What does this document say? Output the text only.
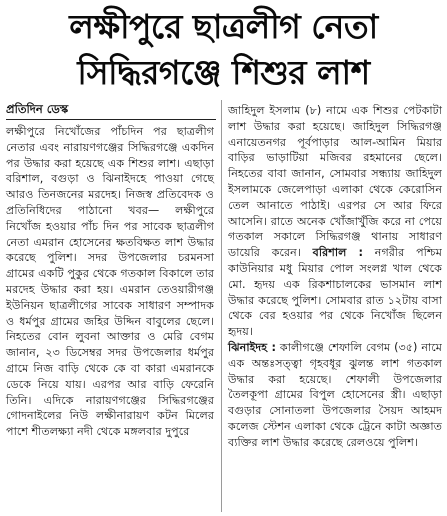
লক্ষীপুরে ছাত্রলীগ নেতা
সিদ্ধিরগঞ্জে শিশুর লাশ
প্রতিদিন ডেস্ক

লক্ষীপুরে নিখোঁজের পাঁচদিন পর ছাত্রলীগ নেতার এবং নারায়ণগঞ্জের সিদ্ধিরগঞ্জে একদিন পর উদ্ধার করা হয়েছে এক শিশুর লাশ। এছাড়া বরিশাল, বগুড়া ও ঝিনাইদহে পাওয়া গেছে আরও তিনজনের মরদেহ। নিজস্ব প্রতিবেদক ও প্রতিনিধিদের পাঠানো খবর— লক্ষীপুরে নিখোঁজ হওয়ার পাঁচ দিন পর সাবেক ছাত্রলীগ নেতা এমরান হোসেনের ক্ষতবিক্ষত লাশ উদ্ধার করেছে পুলিশ। সদর উপজেলার চরমনসা গ্রামের একটি পুকুর থেকে গতকাল বিকালে তার মরদেহ উদ্ধার করা হয়। এমরান তেওয়ারীগঞ্জ ইউনিয়ন ছাত্রলীগের সাবেক সাধারণ সম্পাদক ও ধর্মপুর গ্রামের জহির উদ্দিন বাবুলের ছেলে। নিহতের বোন লুবনা আক্তার ও মেরি বেগম জানান, ২৩ ডিসেম্বর সদর উপজেলার ধর্মপুর গ্রামে নিজ বাড়ি থেকে কে বা কারা এমরানকে ডেকে নিয়ে যায়। এরপর আর বাড়ি ফেরেনি তিনি। এদিকে নারায়ণগঞ্জের সিদ্ধিরগঞ্জের গোদনাইলের নিউ লক্ষীনারায়ণ কটন মিলের পাশে শীতলক্ষ্যা নদী থেকে মঙ্গলবার দুপুরে

জাহিদুল ইসলাম (৮) নামে এক শিশুর পেটকাটা লাশ উদ্ধার করা হয়েছে। জাহিদুল সিদ্ধিরগঞ্জ এনায়েতনগর পূর্বপাড়ার আল-আমিন মিয়ার বাড়ির ভাড়াটিয়া মজিবর রহমানের ছেলে। নিহতের বাবা জানান, সোমবার সন্ধ্যায় জাহিদুল ইসলামকে জেলেপাড়া এলাকা থেকে কেরোসিন তেল আনাতে পাঠাই। এরপর সে আর ফিরে আসেনি। রাতে অনেক খোঁজাখুঁজি করে না পেয়ে গতকাল সকালে সিদ্ধিরগঞ্জ থানায় সাধারণ ডায়েরি করেন। বরিশাল : নগরীর পশ্চিম কাউনিয়ার মধু মিয়ার পোল সংলগ্ন খাল থেকে মো. হৃদয় এক রিকশাচালকের ভাসমান লাশ উদ্ধার করেছে পুলিশ। সোমবার রাত ১২টায় বাসা থেকে বের হওয়ার পর থেকে নিখোঁজ ছিলেন হৃদয়।

ঝিনাইদহ : কালীগঞ্জে শেফালি বেগম (৩৫) নামে এক অন্তঃসত্ত্বা গৃহবধূর ঝুলন্ত লাশ গতকাল উদ্ধার করা হয়েছে। শেফালী উপজেলার তৈলকূপা গ্রামের বিপুল হোসেনের স্ত্রী। এছাড়া বগুড়ার সোনাতলা উপজেলার সৈয়দ আহমদ কলেজ স্টেশন এলাকা থেকে ট্রেনে কাটা অজ্ঞাত ব্যক্তির লাশ উদ্ধার করেছে রেলওয়ে পুলিশ।
